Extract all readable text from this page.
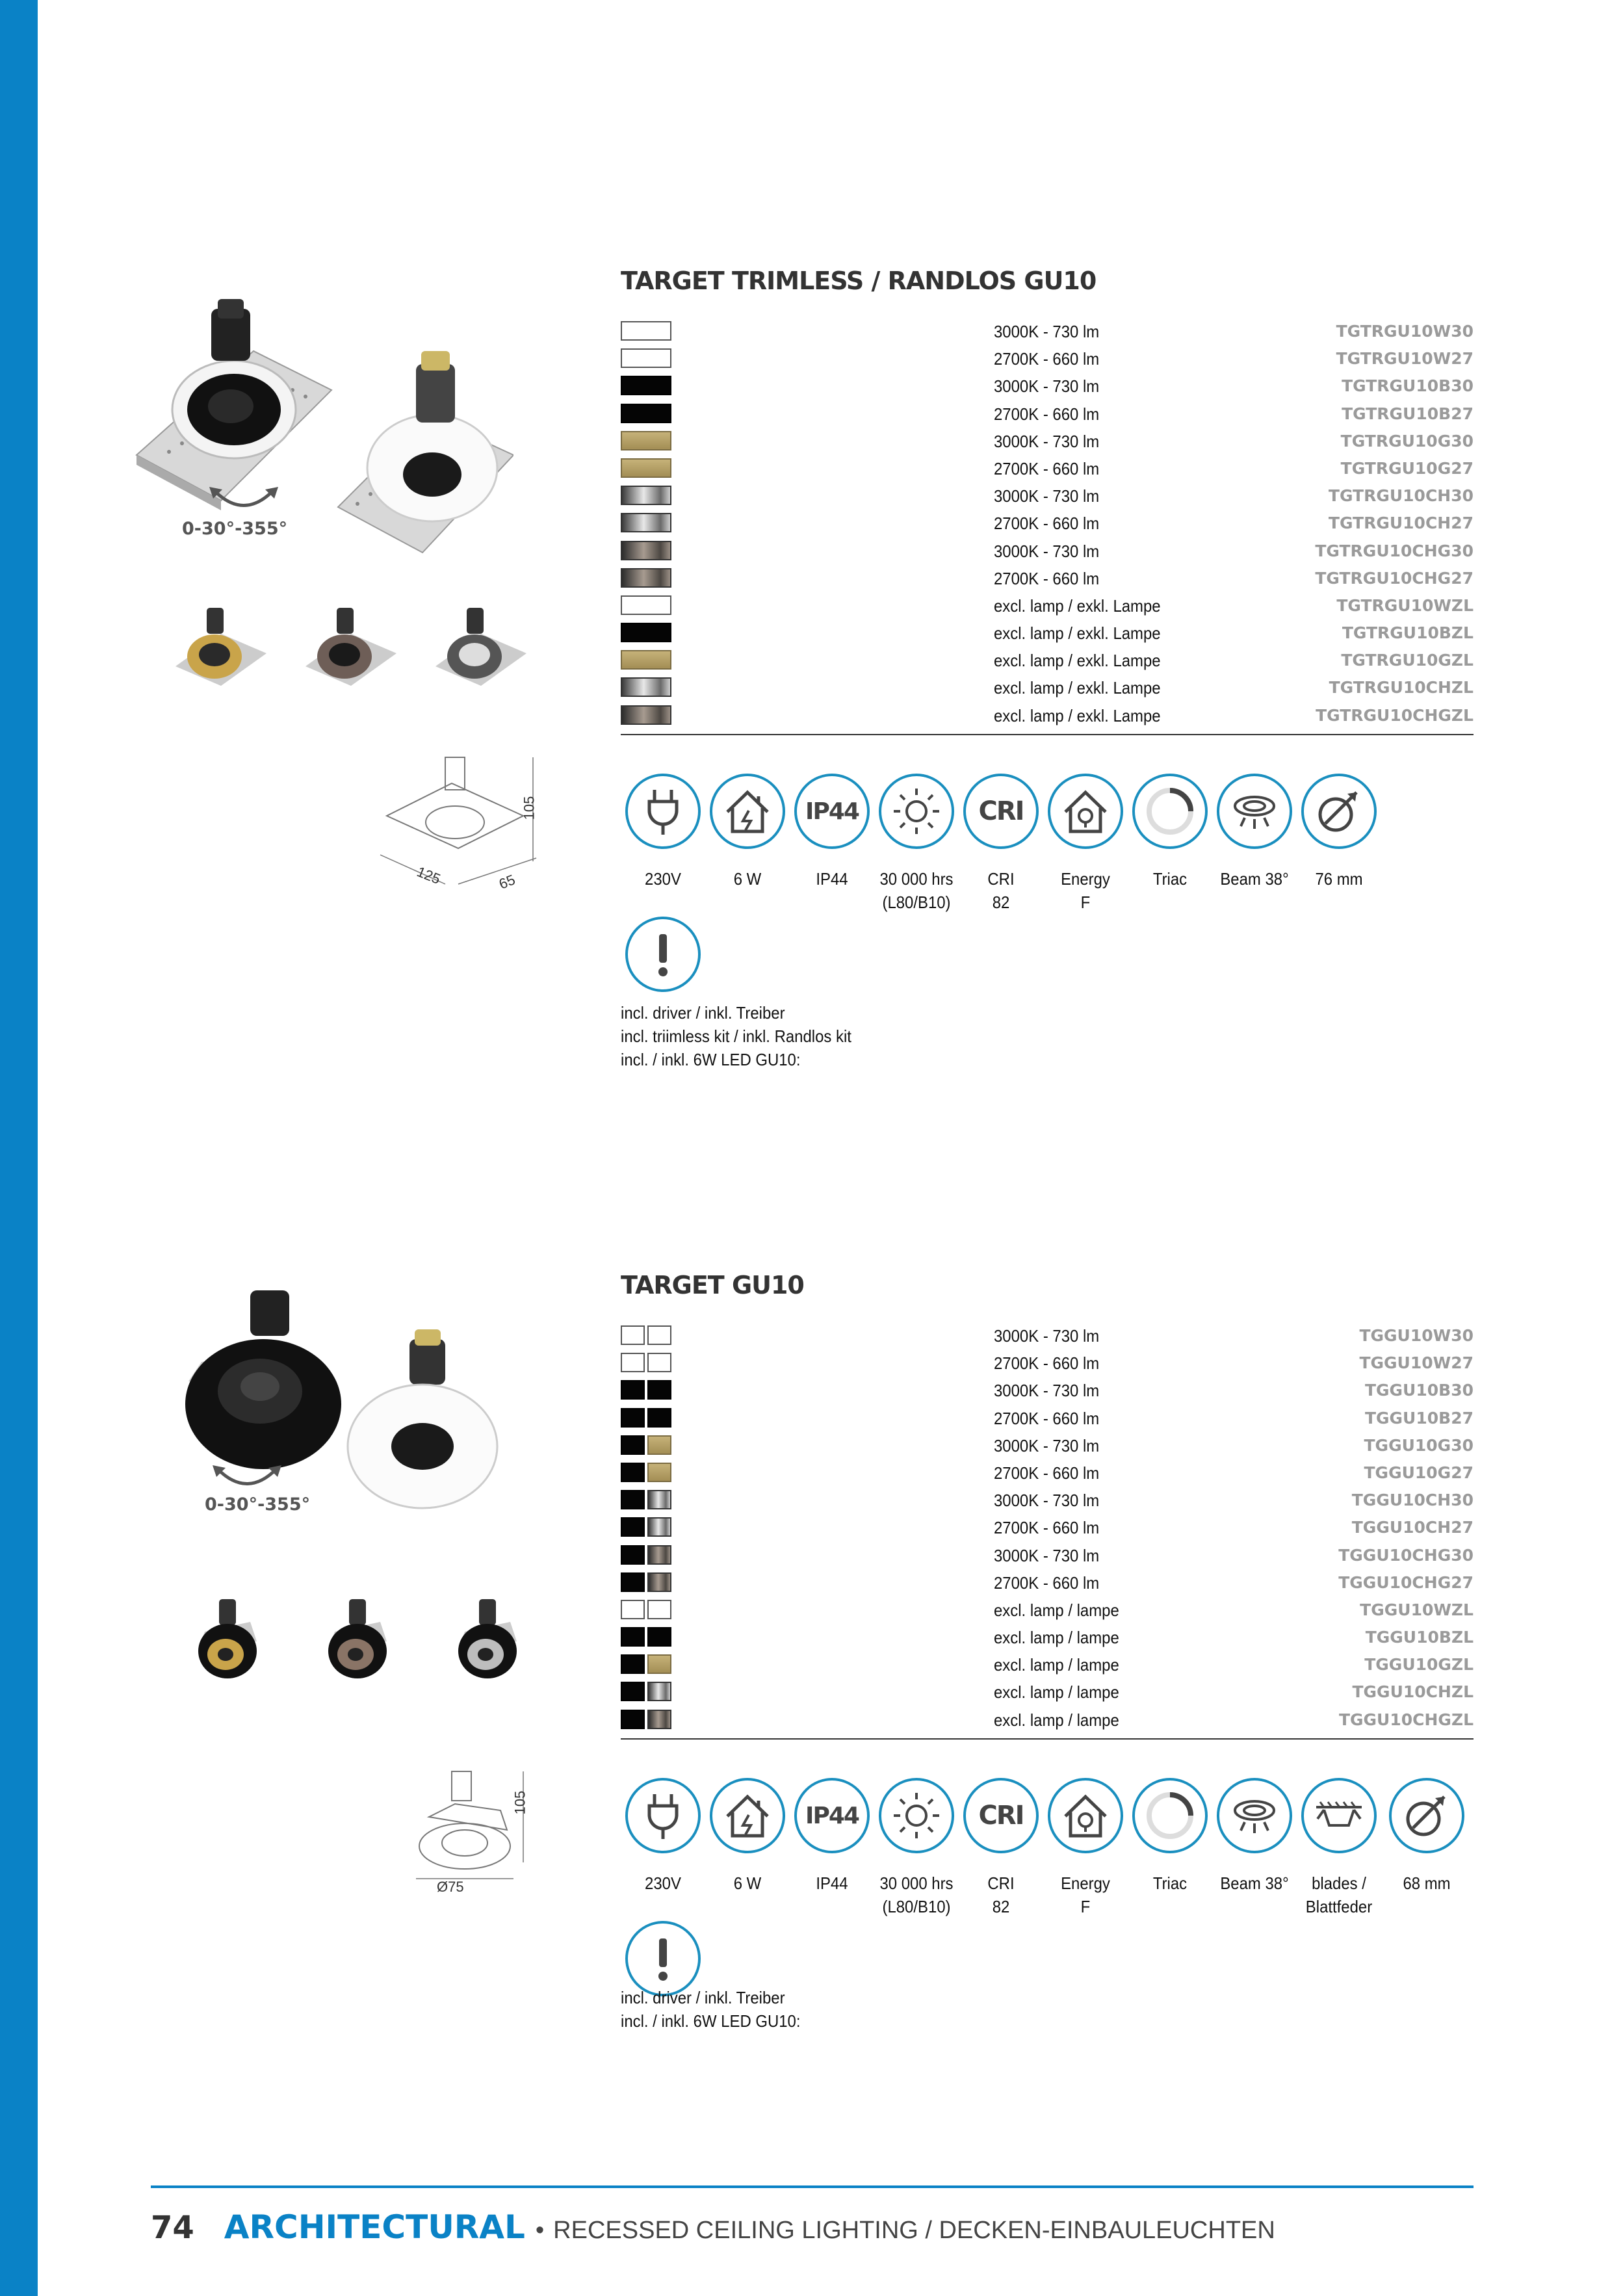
TARGET TRIMLESS / RANDLOS GU10
0-30°-355°
125	65
105
3000K - 730 lm	TGTRGU10W30
2700K - 660 lm	TGTRGU10W27
3000K - 730 lm	TGTRGU10B30
2700K - 660 lm	TGTRGU10B27
3000K - 730 lm	TGTRGU10G30
2700K - 660 lm	TGTRGU10G27
3000K - 730 lm	TGTRGU10CH30
2700K - 660 lm	TGTRGU10CH27
3000K - 730 lm	TGTRGU10CHG30
2700K - 660 lm	TGTRGU10CHG27
excl. lamp / exkl. Lampe	TGTRGU10WZL
excl. lamp / exkl. Lampe	TGTRGU10BZL
excl. lamp / exkl. Lampe	TGTRGU10GZL
excl. lamp / exkl. Lampe	TGTRGU10CHZL
excl. lamp / exkl. Lampe	TGTRGU10CHGZL
230V	6 W
IP44
IP44	30 000 hrs
(L80/B10)
CRI
CRI
82
Energy
F
Triac	Beam 38°	76 mm
incl. driver / inkl. Treiber
incl. triimless kit / inkl. Randlos kit
incl. / inkl. 6W LED GU10:
TARGET GU10
0-30°-355°
Ø75
105
3000K - 730 lm	TGGU10W30
2700K - 660 lm	TGGU10W27
3000K - 730 lm	TGGU10B30
2700K - 660 lm	TGGU10B27
3000K - 730 lm	TGGU10G30
2700K - 660 lm	TGGU10G27
3000K - 730 lm	TGGU10CH30
2700K - 660 lm	TGGU10CH27
3000K - 730 lm	TGGU10CHG30
2700K - 660 lm	TGGU10CHG27
excl. lamp / lampe	TGGU10WZL
excl. lamp / lampe	TGGU10BZL
excl. lamp / lampe	TGGU10GZL
excl. lamp / lampe	TGGU10CHZL
excl. lamp / lampe	TGGU10CHGZL
230V	6 W
IP44
IP44	30 000 hrs
(L80/B10)
CRI
CRI
82
Energy
F
Triac	Beam 38°	blades /
Blattfeder
68 mm
incl. driver / inkl. Treiber
incl. / inkl. 6W LED GU10:
74 ARCHITECTURAL • RECESSED CEILING LIGHTING / DECKEN-EINBAULEUCHTEN
